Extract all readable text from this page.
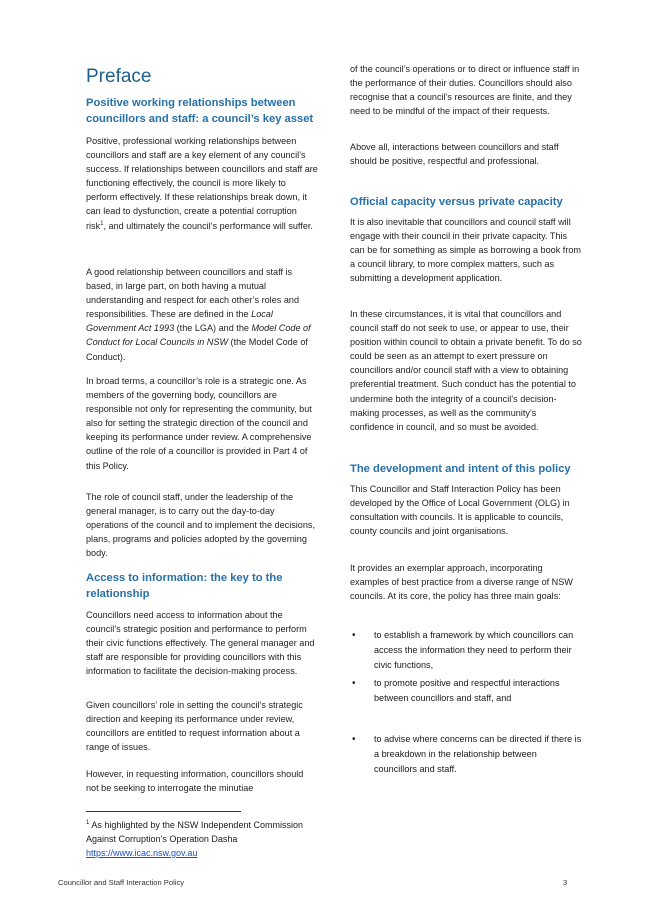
Preface
Positive working relationships between councillors and staff: a council’s key asset

Positive, professional working relationships between councillors and staff are a key element of any council’s success. If relationships between councillors and staff are functioning effectively, the council is more likely to perform effectively. If these relationships break down, it can lead to dysfunction, create a potential corruption risk$^1$, and ultimately the council’s performance will suffer.

A good relationship between councillors and staff is based, in large part, on both having a mutual understanding and respect for each other’s roles and responsibilities. These are defined in the Local Government Act 1993 (the LGA) and the Model Code of Conduct for Local Councils in NSW (the Model Code of Conduct).

In broad terms, a councillor’s role is a strategic one. As members of the governing body, councillors are responsible not only for representing the community, but also for setting the strategic direction of the council and keeping its performance under review. A comprehensive outline of the role of a councillor is provided in Part 4 of this Policy.

The role of council staff, under the leadership of the general manager, is to carry out the day-to-day operations of the council and to implement the decisions, plans, programs and policies adopted by the governing body.

Access to information: the key to the relationship

Councillors need access to information about the council’s strategic position and performance to perform their civic functions effectively. The general manager and staff are responsible for providing councillors with this information to facilitate the decision-making process.

Given councillors’ role in setting the council’s strategic direction and keeping its performance under review, councillors are entitled to request information about a range of issues.

However, in requesting information, councillors should not be seeking to interrogate the minutiae

$^1$ As highlighted by the NSW Independent Commission Against Corruption’s Operation Dasha
https://www.icac.nsw.gov.au

of the council’s operations or to direct or influence staff in the performance of their duties. Councillors should also recognise that a council’s resources are finite, and they need to be mindful of the impact of their requests.

Above all, interactions between councillors and staff should be positive, respectful and professional.

Official capacity versus private capacity

It is also inevitable that councillors and council staff will engage with their council in their private capacity. This can be for something as simple as borrowing a book from a council library, to more complex matters, such as submitting a development application.

In these circumstances, it is vital that councillors and council staff do not seek to use, or appear to use, their position within council to obtain a private benefit. To do so could be seen as an attempt to exert pressure on councillors and/or council staff with a view to obtaining preferential treatment. Such conduct has the potential to undermine both the integrity of a council’s decision-making processes, as well as the community’s confidence in council, and so must be avoided.

The development and intent of this policy

This Councillor and Staff Interaction Policy has been developed by the Office of Local Government (OLG) in consultation with councils. It is applicable to councils, county councils and joint organisations.

It provides an exemplar approach, incorporating examples of best practice from a diverse range of NSW councils. At its core, the policy has three main goals:

• to establish a framework by which councillors can access the information they need to perform their civic functions,
• to promote positive and respectful interactions between councillors and staff, and
• to advise where concerns can be directed if there is a breakdown in the relationship between councillors and staff.
Councillor and Staff Interaction Policy	3
